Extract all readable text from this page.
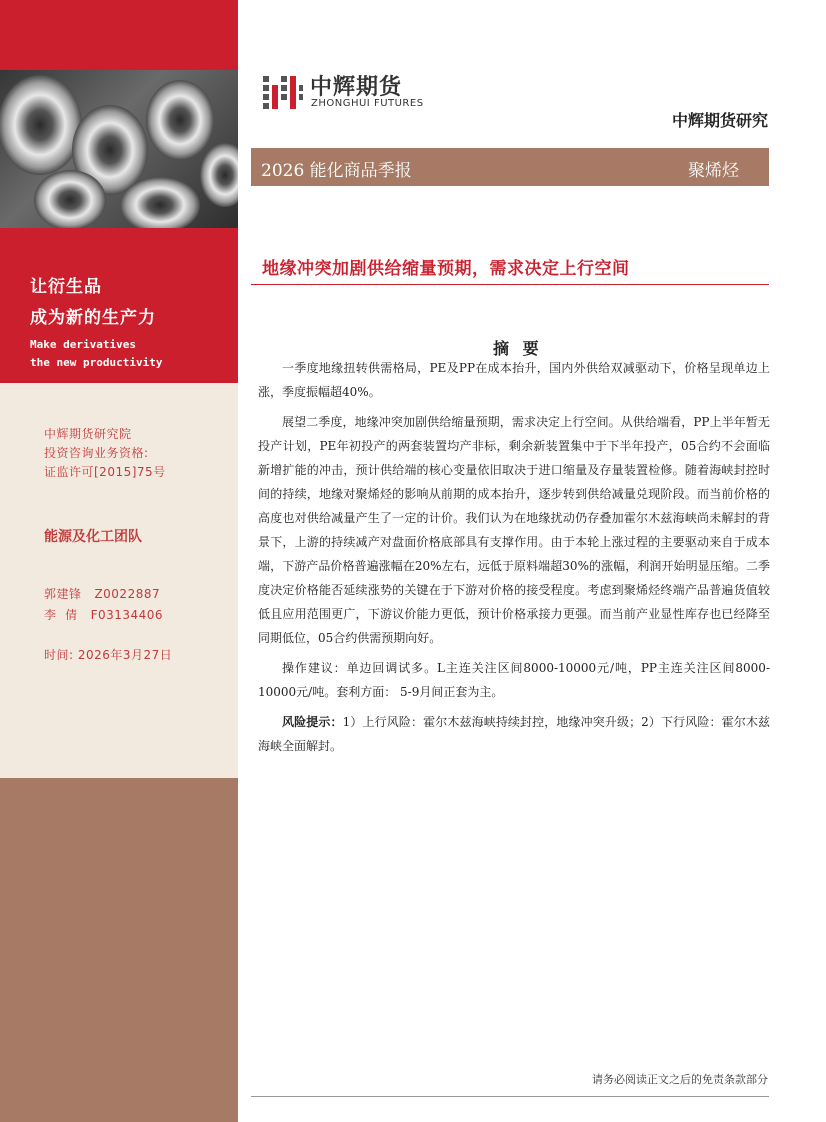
让衍生品
成为新的生产力
Make derivatives
the new productivity
中辉期货研究院
投资咨询业务资格:
证监许可[2015]75号
能源及化工团队
郭建锋   Z0022887
李  倩   F03134406
时间: 2026年3月27日
中辉期货
ZHONGHUI FUTURES
中辉期货研究
2026 能化商品季报	聚烯烃
地缘冲突加剧供给缩量预期，需求决定上行空间
摘 要

一季度地缘扭转供需格局，PE及PP在成本抬升，国内外供给双减驱动下，价格呈现单边上涨，季度振幅超40%。

展望二季度，地缘冲突加剧供给缩量预期，需求决定上行空间。从供给端看，PP上半年暂无投产计划，PE年初投产的两套装置均产非标，剩余新装置集中于下半年投产，05合约不会面临新增扩能的冲击，预计供给端的核心变量依旧取决于进口缩量及存量装置检修。随着海峡封控时间的持续，地缘对聚烯烃的影响从前期的成本抬升，逐步转到供给减量兑现阶段。而当前价格的高度也对供给减量产生了一定的计价。我们认为在地缘扰动仍存叠加霍尔木兹海峡尚未解封的背景下，上游的持续减产对盘面价格底部具有支撑作用。由于本轮上涨过程的主要驱动来自于成本端，下游产品价格普遍涨幅在20%左右，远低于原料端超30%的涨幅，利润开始明显压缩。二季度决定价格能否延续涨势的关键在于下游对价格的接受程度。考虑到聚烯烃终端产品普遍货值较低且应用范围更广，下游议价能力更低，预计价格承接力更强。而当前产业显性库存也已经降至同期低位，05合约供需预期向好。

操作建议：单边回调试多。L主连关注区间8000-10000元/吨，PP主连关注区间8000-10000元/吨。套利方面： 5-9月间正套为主。

风险提示：1）上行风险：霍尔木兹海峡持续封控，地缘冲突升级；2）下行风险：霍尔木兹海峡全面解封。

请务必阅读正文之后的免责条款部分
